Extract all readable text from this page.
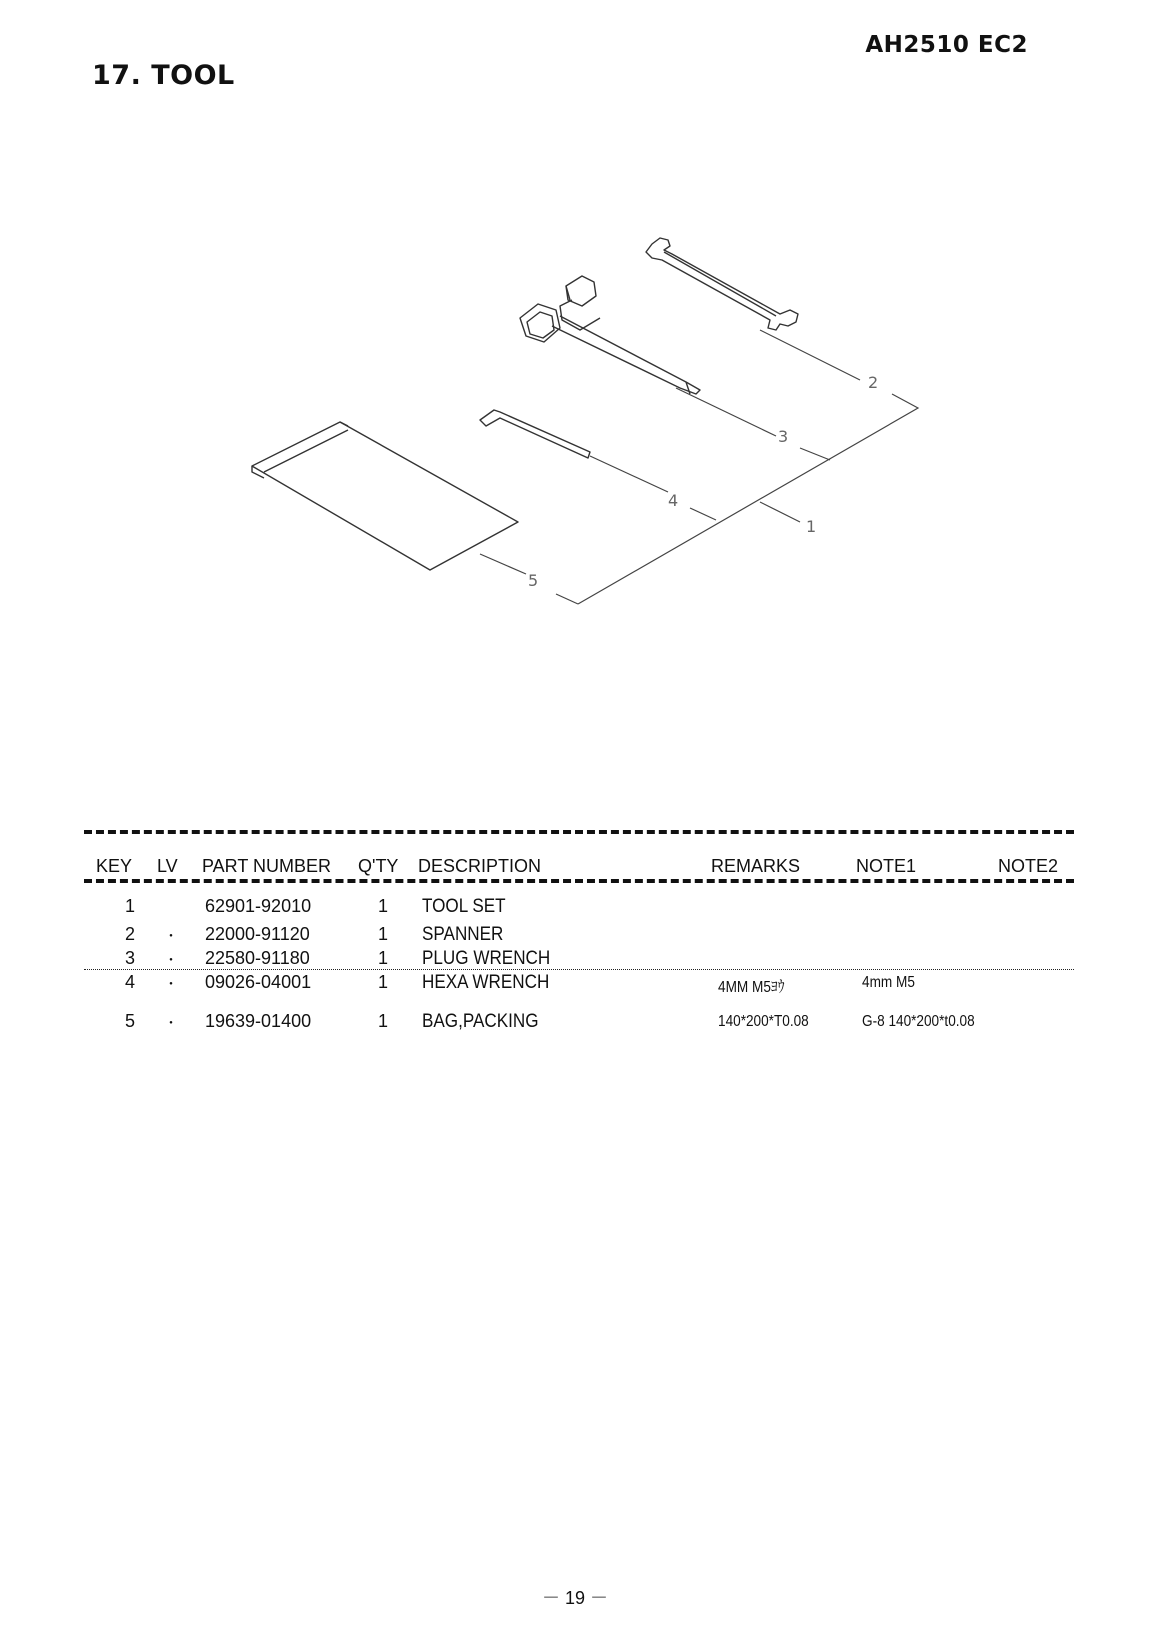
AH2510 EC2
17. TOOL
2
3
4
1
5
KEY LV PART NUMBER Q'TY DESCRIPTION	REMARKS	NOTE1	NOTE2
1	62901-92010	1 TOOL SET
2 ・ 22000-91120	1 SPANNER
3 ・ 22580-91180	1 PLUG WRENCH
4 ・ 09026-04001	1 HEXA WRENCH	4MM M5ﾖｳ	4mm M5
5 ・ 19639-01400	1 BAG,PACKING	140*200*T0.08	G-8 140*200*t0.08
－ 19 －
